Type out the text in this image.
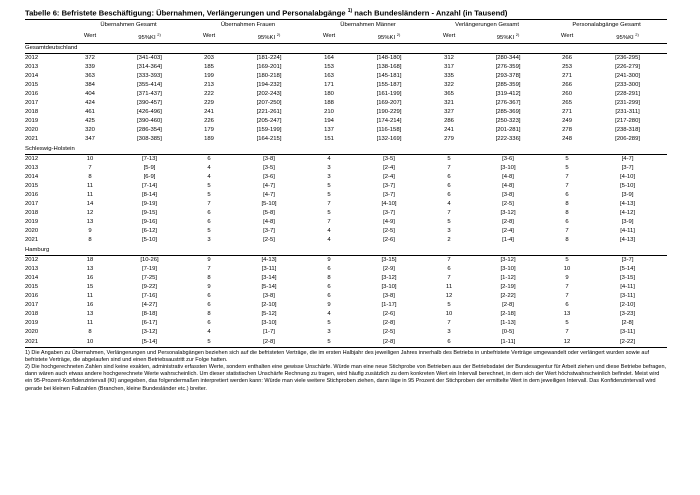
Tabelle 6: Befristete Beschäftigung: Übernahmen, Verlängerungen und Personalabgänge $^{1)}$ nach Bundesländern - Anzahl (in Tausend)
	Übernahmen Gesamt		Übernahmen Frauen		Übernahmen Männer		Verlängerungen Gesamt		Personalabgänge Gesamt	
	Wert	95%KI $^{2)}$	Wert	95%KI $^{2)}$	Wert	95%KI $^{2)}$	Wert	95%KI $^{2)}$	Wert	95%KI $^{2)}$
Gesamtdeutschland										
2012	372	[341-403]	203	[181-224]	164	[148-180]	312	[280-344]	266	[236-295]
2013	339	[314-364]	185	[169-201]	153	[138-168]	317	[276-359]	253	[226-279]
2014	363	[333-393]	199	[180-218]	163	[145-181]	335	[293-378]	271	[241-300]
2015	384	[355-414]	213	[194-232]	171	[155-187]	322	[285-359]	266	[233-300]
2016	404	[371-437]	222	[202-243]	180	[161-199]	365	[319-412]	260	[228-291]
2017	424	[390-457]	229	[207-250]	188	[169-207]	321	[276-367]	265	[231-299]
2018	461	[426-496]	241	[221-261]	210	[190-229]	327	[285-369]	271	[231-311]
2019	425	[390-460]	226	[205-247]	194	[174-214]	286	[250-323]	249	[217-280]
2020	320	[286-354]	179	[159-199]	137	[116-158]	241	[201-281]	278	[238-318]
2021	347	[308-385]	189	[164-215]	151	[132-169]	279	[222-336]	248	[206-289]
Schleswig-Holstein										
2012	10	[7-13]	6	[3-8]	4	[3-5]	5	[3-6]	5	[4-7]
2013	7	[5-9]	4	[3-5]	3	[2-4]	7	[3-10]	5	[3-7]
2014	8	[6-9]	4	[3-6]	3	[2-4]	6	[4-8]	7	[4-10]
2015	11	[7-14]	5	[4-7]	5	[3-7]	6	[4-8]	7	[5-10]
2016	11	[8-14]	5	[4-7]	5	[3-7]	6	[3-8]	6	[3-9]
2017	14	[9-19]	7	[5-10]	7	[4-10]	4	[2-5]	8	[4-13]
2018	12	[9-15]	6	[5-8]	5	[3-7]	7	[3-12]	8	[4-12]
2019	13	[9-16]	6	[4-8]	7	[4-9]	5	[2-8]	6	[3-9]
2020	9	[6-12]	5	[3-7]	4	[2-5]	3	[2-4]	7	[4-11]
2021	8	[5-10]	3	[2-5]	4	[2-6]	2	[1-4]	8	[4-13]
Hamburg										
2012	18	[10-26]	9	[4-13]	9	[3-15]	7	[3-12]	5	[3-7]
2013	13	[7-19]	7	[3-11]	6	[2-9]	6	[3-10]	10	[5-14]
2014	16	[7-25]	8	[3-14]	8	[3-12]	7	[1-12]	9	[3-15]
2015	15	[9-22]	9	[5-14]	6	[3-10]	11	[2-19]	7	[4-11]
2016	11	[7-16]	6	[3-8]	6	[3-8]	12	[2-22]	7	[3-11]
2017	16	[4-27]	6	[2-10]	9	[1-17]	5	[2-8]	6	[2-10]
2018	13	[8-18]	8	[5-12]	4	[2-6]	10	[2-18]	13	[3-23]
2019	11	[6-17]	6	[3-10]	5	[2-8]	7	[1-13]	5	[2-8]
2020	8	[3-12]	4	[1-7]	3	[2-5]	3	[0-5]	7	[3-11]
2021	10	[5-14]	5	[2-8]	5	[2-8]	6	[1-11]	12	[2-22]

1) Die Angaben zu Übernahmen, Verlängerungen und Personalabgängen beziehen sich auf die befristeten Verträge, die im ersten Halbjahr des jeweiligen Jahres innerhalb des Betriebs in unbefristete Verträge umgewandelt oder verlängert wurden sowie auf befristete Verträge, die abgelaufen sind und einen Betriebsaustritt zur Folge hatten.

2) Die hochgerechneten Zahlen sind keine exakten, administrativ erfassten Werte, sondern enthalten eine gewisse Unschärfe. Würde man eine neue Stichprobe von Betrieben aus der Betriebsdatei der Bundesagentur für Arbeit ziehen und diese Betriebe befragen, dann wären auch etwas andere hochgerechnete Werte wahrscheinlich. Um dieser statistischen Unschärfe Rechnung zu tragen, wird häufig zusätzlich zu dem konkreten Wert ein Intervall berechnet, in dem sich der Wert höchstwahrscheinlich befindet. Meist wird ein 95-Prozent-Konfidenzintervall (KI) angegeben, das folgendermaßen interpretiert werden kann: Würde man viele weitere Stichproben ziehen, dann läge in 95 Prozent der Stichproben der ermittelte Wert in dem jeweiligen Intervall. Das Konfidenzintervall wird gerade bei kleinen Fallzahlen (Branchen, kleine Bundesländer etc.) breiter.
